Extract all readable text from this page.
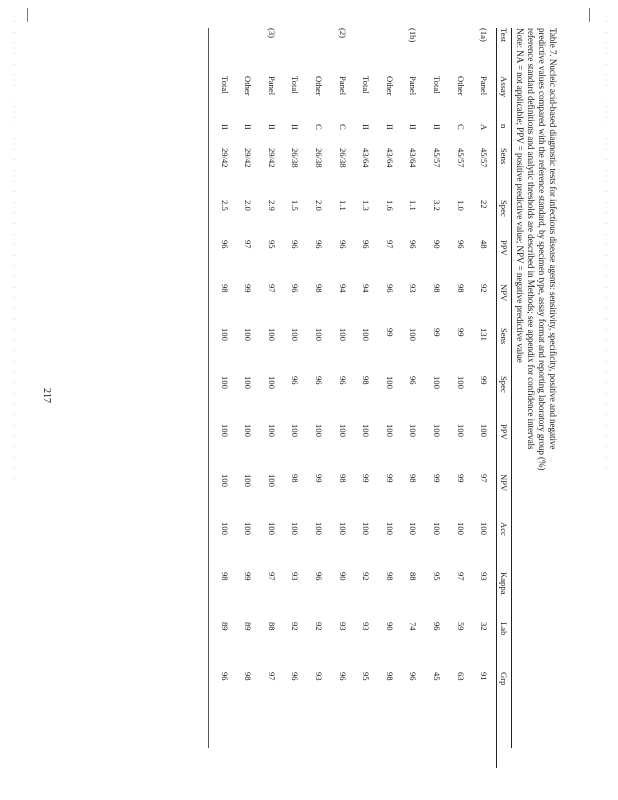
· · · · · · · · · · · · · · · · · · · · · · · · · · · · · · · · · · · · · · · · · · ·
· · · · · · · · · · · · · · · · · · · · · · · · · · · · · · · · · · · · · · · · · · · ·	Table 7. Nucleic acid-based diagnostic tests for infectious disease agents: sensitivity, specificity, positive and negative
predictive values compared with the reference standard, by specimen type, assay format and reporting laboratory group (%)
reference standard definitions and analytic thresholds are described in Methods; see appendix for confidence intervals
Note: NA = not applicable; PPV = positive predictive value; NPV = negative predictive value
Test	Assay	n	Sens	Spec	PPV	NPV	Sens	Spec	PPV	NPV	Acc	Kappa	Lab	Grp
(1a)	Panel	A	45/57	22	48	92	131	99	100	97	100	93	32	91
	Other	C	45/57	1.0	96	98	99	100	100	99	100	97	59	63
	Total	II	45/57	3.2	90	98	99	100	100	99	100	95	96	45
(1b)	Panel	II	43/64	1.1	96	93	100	96	100	98	100	88	74	96
	Other	II	43/64	1.6	97	96	99	100	100	99	100	98	90	98
	Total	II	43/64	1.3	96	94	100	98	100	99	100	92	93	95
(2)	Panel	C	26/38	1.1	96	94	100	96	100	98	100	90	93	96
	Other	C	26/38	2.0	96	98	100	96	100	99	100	96	92	93
	Total	II	26/38	1.5	96	96	100	96	100	98	100	93	92	96
(3)	Panel	II	29/42	2.9	95	97	100	100	100	100	100	97	88	97
	Other	II	29/42	2.0	97	99	100	100	100	100	100	99	89	98
	Total	II	29/42	2.5	96	98	100	100	100	100	100	98	89	96
217
